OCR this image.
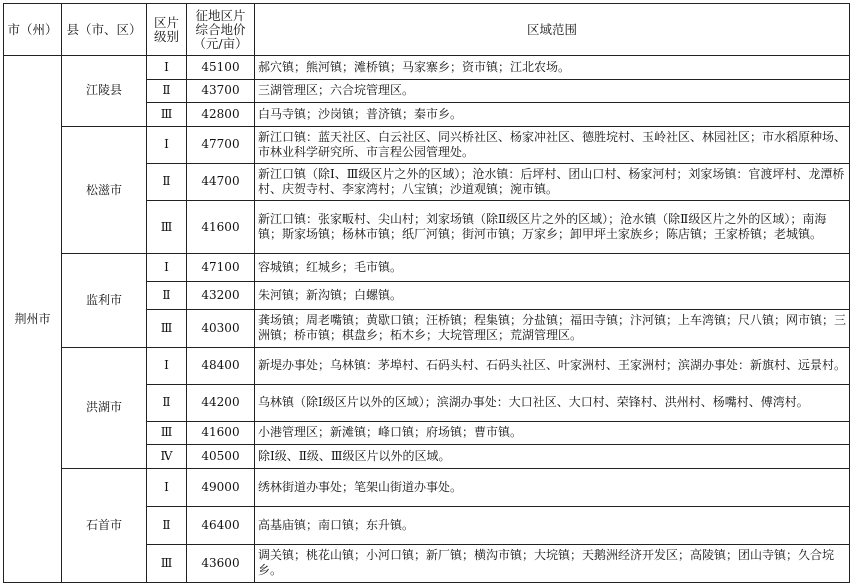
市（州）	县（市、区）	区片级别	征地区片综合地价（元/亩）	区域范围
荆州市	江陵县	Ⅰ	45100	郝穴镇；熊河镇；滩桥镇；马家寨乡；资市镇；江北农场。
		Ⅱ	43700	三湖管理区；六合垸管理区。
		Ⅲ	42800	白马寺镇；沙岗镇；普济镇；秦市乡。
	松滋市	Ⅰ	47700	新江口镇：蓝天社区、白云社区、同兴桥社区、杨家冲社区、德胜垸村、玉岭社区、林园社区；市水稻原种场、市林业科学研究所、市言程公园管理处。
		Ⅱ	44700	新江口镇（除Ⅰ、Ⅲ级区片之外的区域）；沧水镇：后坪村、团山口村、杨家河村；刘家场镇：官渡坪村、龙潭桥村、庆贺寺村、李家湾村；八宝镇；沙道观镇；涴市镇。
		Ⅲ	41600	新江口镇：张家畈村、尖山村；刘家场镇（除Ⅱ级区片之外的区域）；沧水镇（除Ⅱ级区片之外的区域）；南海镇；斯家场镇；杨林市镇；纸厂河镇；街河市镇；万家乡；卸甲坪土家族乡；陈店镇；王家桥镇；老城镇。
	监利市	Ⅰ	47100	容城镇；红城乡；毛市镇。
		Ⅱ	43200	朱河镇；新沟镇；白螺镇。
		Ⅲ	40300	龚场镇；周老嘴镇；黄歇口镇；汪桥镇；程集镇；分盐镇；福田寺镇；汴河镇；上车湾镇；尺八镇；网市镇；三洲镇；桥市镇；棋盘乡；柘木乡；大垸管理区；荒湖管理区。
	洪湖市	Ⅰ	48400	新堤办事处；乌林镇：茅埠村、石码头村、石码头社区、叶家洲村、王家洲村；滨湖办事处：新旗村、远景村。
		Ⅱ	44200	乌林镇（除Ⅰ级区片以外的区域）；滨湖办事处：大口社区、大口村、荣锋村、洪州村、杨嘴村、傅湾村。
		Ⅲ	41600	小港管理区；新滩镇；峰口镇；府场镇；曹市镇。
		Ⅳ	40500	除Ⅰ级、Ⅱ级、Ⅲ级区片以外的区域。
	石首市	Ⅰ	49000	绣林街道办事处；笔架山街道办事处。
		Ⅱ	46400	高基庙镇；南口镇；东升镇。
		Ⅲ	43600	调关镇；桃花山镇；小河口镇；新厂镇；横沟市镇；大垸镇；天鹅洲经济开发区；高陵镇；团山寺镇；久合垸乡。
